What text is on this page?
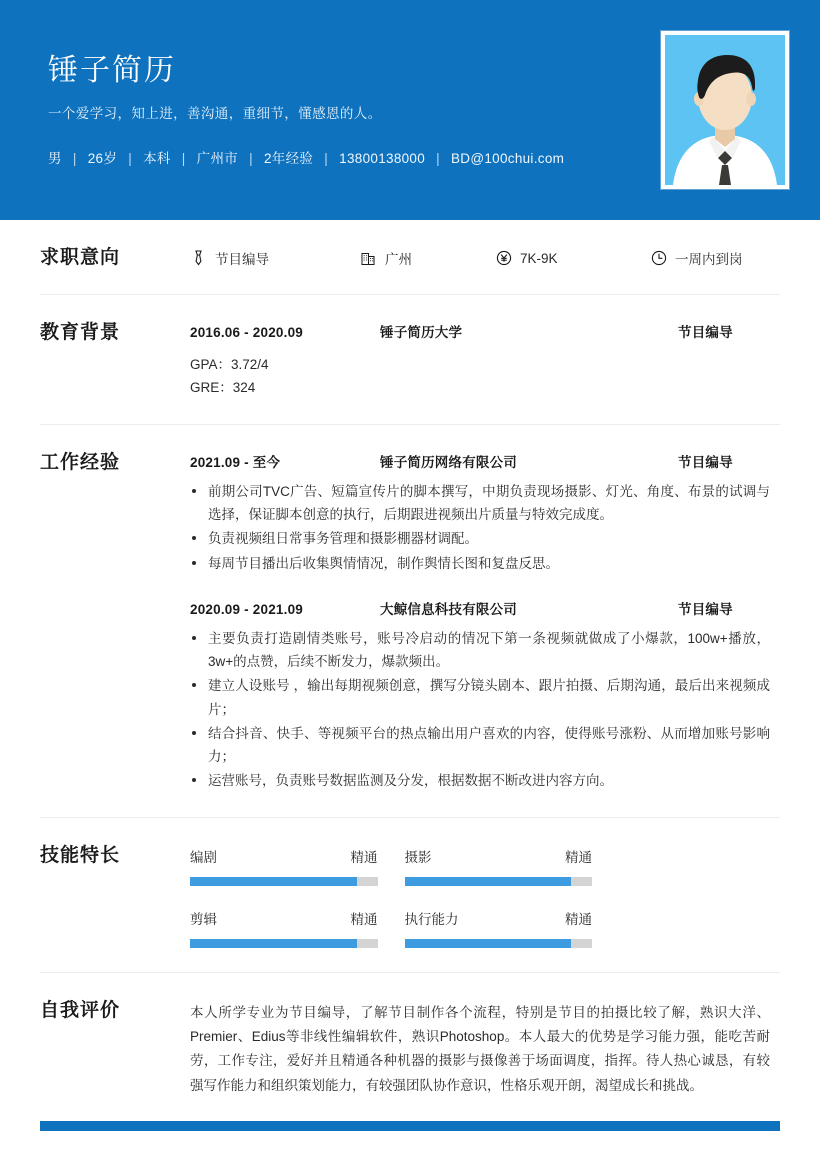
锤子简历
一个爱学习，知上进，善沟通，重细节，懂感恩的人。
男 | 26岁 | 本科 | 广州市 | 2年经验 | 13800138000 | BD@100chui.com
求职意向	节目编导	广州	7K-9K	一周内到岗
教育背景	2016.06 - 2020.09	锤子简历大学	节目编导
GPA：3.72/4
GRE：324
工作经验	2021.09 - 至今	锤子简历网络有限公司	节目编导
前期公司TVC广告、短篇宣传片的脚本撰写，中期负责现场摄影、灯光、角度、布景的试调与选择，保证脚本创意的执行，后期跟进视频出片质量与特效完成度。
负责视频组日常事务管理和摄影棚器材调配。
每周节目播出后收集舆情情况，制作舆情长图和复盘反思。
2020.09 - 2021.09	大鲸信息科技有限公司	节目编导
主要负责打造剧情类账号，账号冷启动的情况下第一条视频就做成了小爆款，100w+播放，3w+的点赞，后续不断发力，爆款频出。
建立人设账号 ，输出每期视频创意，撰写分镜头剧本、跟片拍摄、后期沟通，最后出来视频成片；
结合抖音、快手、等视频平台的热点输出用户喜欢的内容，使得账号涨粉、从而增加账号影响力；
运营账号，负责账号数据监测及分发，根据数据不断改进内容方向。
技能特长	编剧	精通 摄影	精通
剪辑	精通 执行能力	精通
自我评价	本人所学专业为节目编导，了解节目制作各个流程，特别是节目的拍摄比较了解，熟识大洋、Premier、Edius等非线性编辑软件，熟识Photoshop。本人最大的优势是学习能力强，能吃苦耐劳，工作专注，爱好并且精通各种机器的摄影与摄像善于场面调度，指挥。待人热心诚恳，有较强写作能力和组织策划能力，有较强团队协作意识，性格乐观开朗，渴望成长和挑战。
